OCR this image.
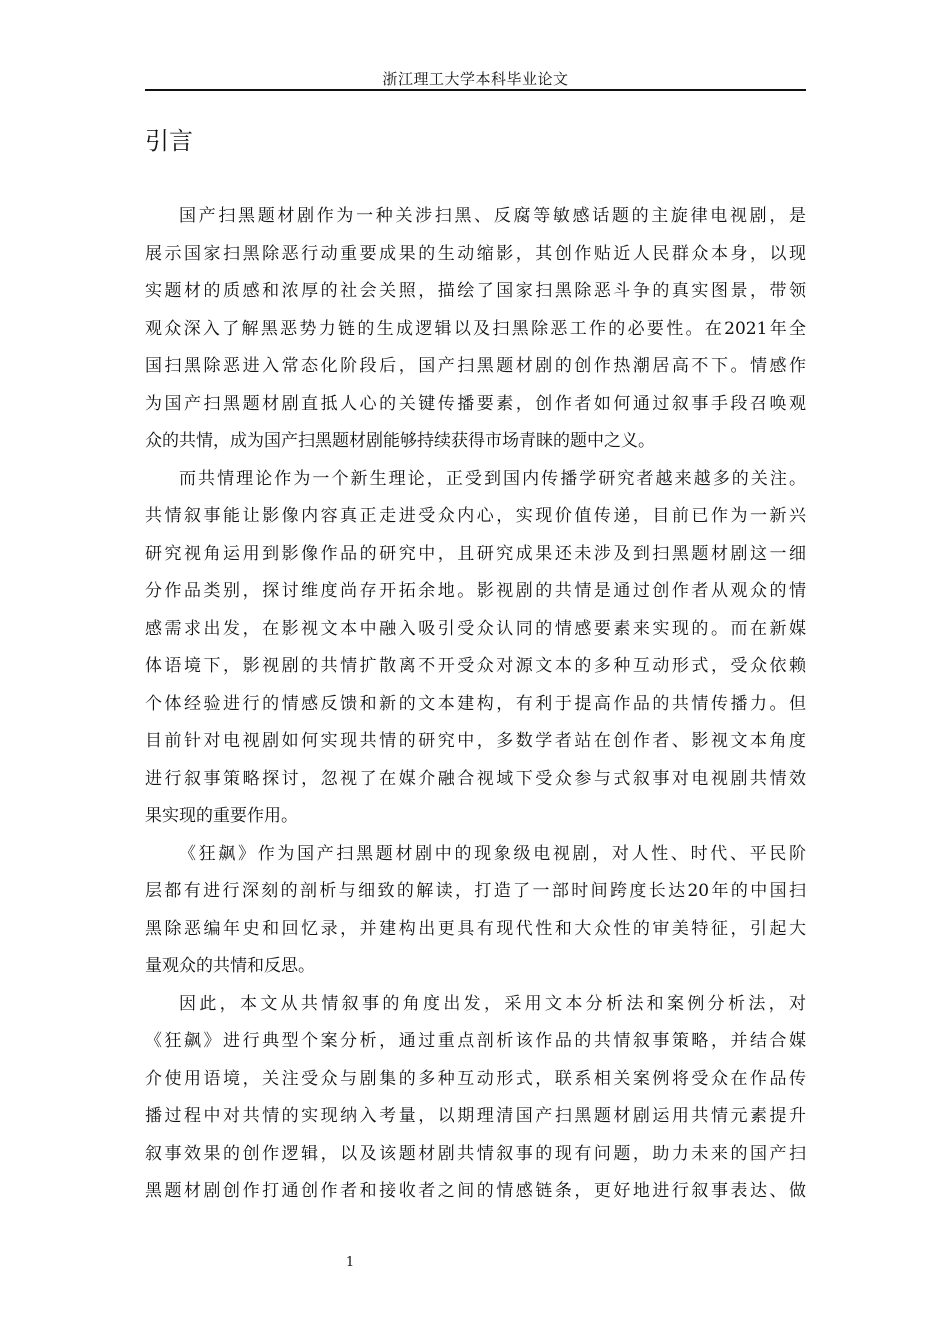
浙江理工大学本科毕业论文
引言
国产扫黑题材剧作为一种关涉扫黑、反腐等敏感话题的主旋律电视剧，是
展示国家扫黑除恶行动重要成果的生动缩影，其创作贴近人民群众本身，以现
实题材的质感和浓厚的社会关照，描绘了国家扫黑除恶斗争的真实图景，带领
观众深入了解黑恶势力链的生成逻辑以及扫黑除恶工作的必要性。在2021年全
国扫黑除恶进入常态化阶段后，国产扫黑题材剧的创作热潮居高不下。情感作
为国产扫黑题材剧直抵人心的关键传播要素，创作者如何通过叙事手段召唤观
众的共情，成为国产扫黑题材剧能够持续获得市场青睐的题中之义。
而共情理论作为一个新生理论，正受到国内传播学研究者越来越多的关注。
共情叙事能让影像内容真正走进受众内心，实现价值传递，目前已作为一新兴
研究视角运用到影像作品的研究中，且研究成果还未涉及到扫黑题材剧这一细
分作品类别，探讨维度尚存开拓余地。影视剧的共情是通过创作者从观众的情
感需求出发，在影视文本中融入吸引受众认同的情感要素来实现的。而在新媒
体语境下，影视剧的共情扩散离不开受众对源文本的多种互动形式，受众依赖
个体经验进行的情感反馈和新的文本建构，有利于提高作品的共情传播力。但
目前针对电视剧如何实现共情的研究中，多数学者站在创作者、影视文本角度
进行叙事策略探讨，忽视了在媒介融合视域下受众参与式叙事对电视剧共情效
果实现的重要作用。
《狂飙》作为国产扫黑题材剧中的现象级电视剧，对人性、时代、平民阶
层都有进行深刻的剖析与细致的解读，打造了一部时间跨度长达20年的中国扫
黑除恶编年史和回忆录，并建构出更具有现代性和大众性的审美特征，引起大
量观众的共情和反思。
因此，本文从共情叙事的角度出发，采用文本分析法和案例分析法，对
《狂飙》进行典型个案分析，通过重点剖析该作品的共情叙事策略，并结合媒
介使用语境，关注受众与剧集的多种互动形式，联系相关案例将受众在作品传
播过程中对共情的实现纳入考量，以期理清国产扫黑题材剧运用共情元素提升
叙事效果的创作逻辑，以及该题材剧共情叙事的现有问题，助力未来的国产扫
黑题材剧创作打通创作者和接收者之间的情感链条，更好地进行叙事表达、做
1
